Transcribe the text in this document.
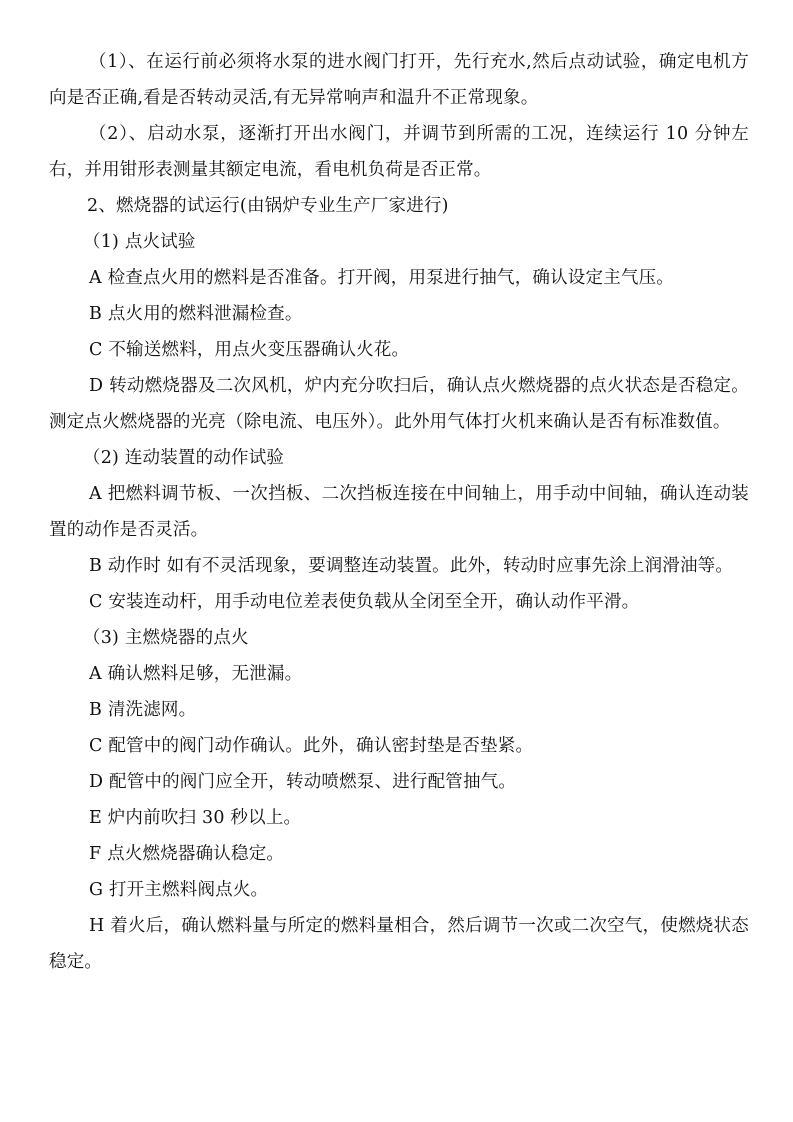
（1）、在运行前必须将水泵的进水阀门打开，先行充水,然后点动试验，确定电机方向是否正确,看是否转动灵活,有无异常响声和温升不正常现象。

（2）、启动水泵，逐渐打开出水阀门，并调节到所需的工况，连续运行 10 分钟左右，并用钳形表测量其额定电流，看电机负荷是否正常。

2、燃烧器的试运行(由锅炉专业生产厂家进行)

（1) 点火试验

A 检查点火用的燃料是否准备。打开阀，用泵进行抽气，确认设定主气压。

B 点火用的燃料泄漏检查。

C 不输送燃料，用点火变压器确认火花。

D 转动燃烧器及二次风机，炉内充分吹扫后，确认点火燃烧器的点火状态是否稳定。测定点火燃烧器的光亮（除电流、电压外）。此外用气体打火机来确认是否有标准数值。

（2) 连动装置的动作试验

A 把燃料调节板、一次挡板、二次挡板连接在中间轴上，用手动中间轴，确认连动装置的动作是否灵活。

B 动作时 如有不灵活现象，要调整连动装置。此外，转动时应事先涂上润滑油等。

C 安装连动杆，用手动电位差表使负载从全闭至全开，确认动作平滑。

（3) 主燃烧器的点火

A 确认燃料足够，无泄漏。

B 清洗滤网。

C 配管中的阀门动作确认。此外，确认密封垫是否垫紧。

D 配管中的阀门应全开，转动喷燃泵、进行配管抽气。

E 炉内前吹扫 30 秒以上。

F 点火燃烧器确认稳定。

G 打开主燃料阀点火。

H 着火后，确认燃料量与所定的燃料量相合，然后调节一次或二次空气，使燃烧状态稳定。
